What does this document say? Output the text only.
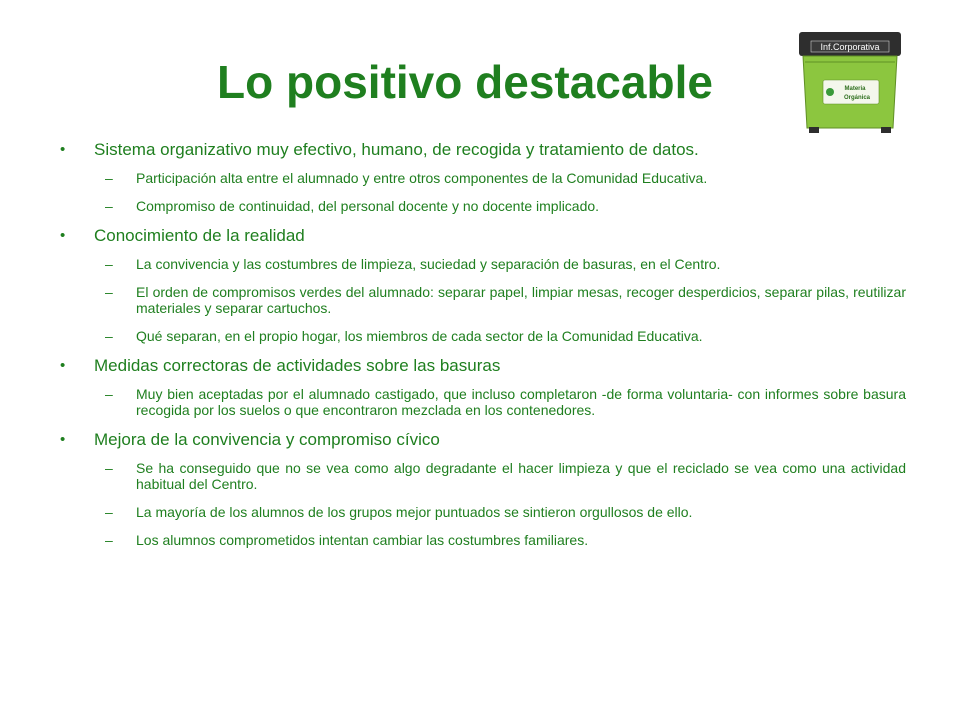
Lo positivo destacable
Inf.Corporativa
Materia
Orgánica
• Sistema organizativo muy efectivo, humano, de recogida y tratamiento de datos.
– Participación alta entre el alumnado y entre otros componentes de la Comunidad Educativa.
– Compromiso de continuidad, del personal docente y no docente implicado.
• Conocimiento de la realidad
– La convivencia y las costumbres de limpieza, suciedad y separación de basuras, en el Centro.
– El orden de compromisos verdes del alumnado: separar papel, limpiar mesas, recoger desperdicios, separar pilas, reutilizar materiales y separar cartuchos.
– Qué separan, en el propio hogar, los miembros de cada sector de la Comunidad Educativa.
• Medidas correctoras de actividades sobre las basuras
– Muy bien aceptadas por el alumnado castigado, que incluso completaron -de forma voluntaria- con informes sobre basura recogida por los suelos o que encontraron mezclada en los contenedores.
• Mejora de la convivencia y compromiso cívico
– Se ha conseguido que no se vea como algo degradante el hacer limpieza y que el reciclado se vea como una actividad habitual del Centro.
– La mayoría de los alumnos de los grupos mejor puntuados se sintieron orgullosos de ello.
– Los alumnos comprometidos intentan cambiar las costumbres familiares.
